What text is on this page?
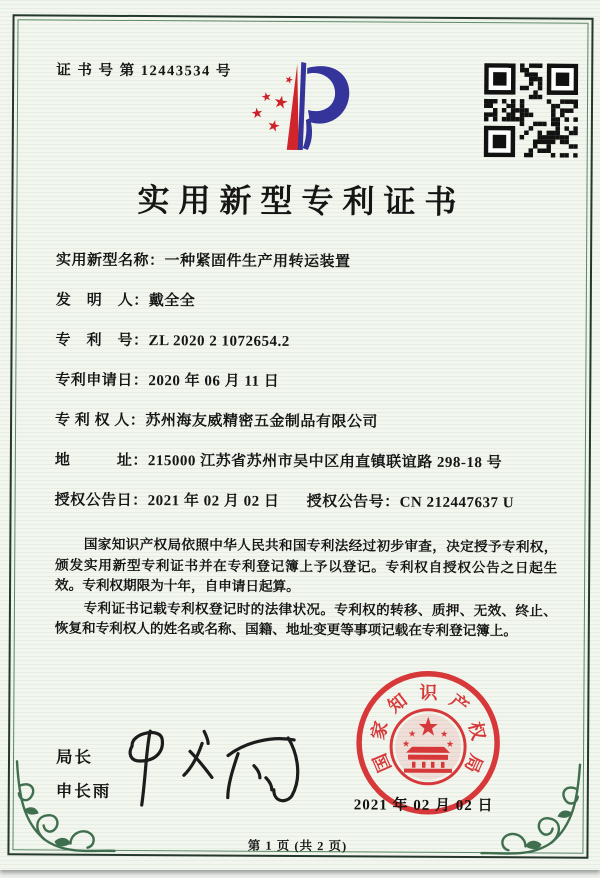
证 书 号 第 12443534 号
★
★
★
★
★
实用新型专利证书
实用新型名称：一种紧固件生产用转运装置
发　明　人：戴全全
专　利　号：ZL 2020 2 1072654.2
专利申请日：2020 年 06 月 11 日
专 利 权 人：苏州海友威精密五金制品有限公司
地　　　址：215000 江苏省苏州市吴中区甪直镇联谊路 298-18 号
授权公告日：2021 年 02 月 02 日 授权公告号：CN 212447637 U

国家知识产权局依照中华人民共和国专利法经过初步审查，决定授予专利权，颁发实用新型专利证书并在专利登记簿上予以登记。专利权自授权公告之日起生效。专利权期限为十年，自申请日起算。

专利证书记载专利权登记时的法律状况。专利权的转移、质押、无效、终止、恢复和专利权人的姓名或名称、国籍、地址变更等事项记载在专利登记簿上。

局长
申长雨
国
家
知 识 产
权
局
★	★
★	★
2021 年 02 月 02 日
第 1 页 (共 2 页)
